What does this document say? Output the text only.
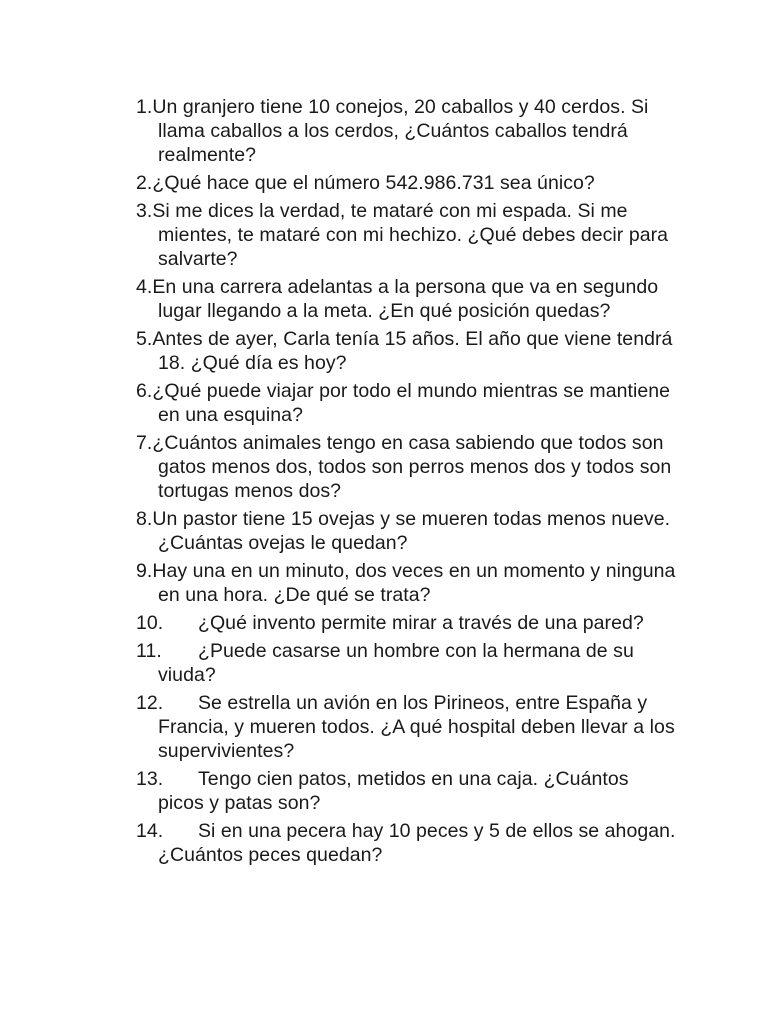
1.Un granjero tiene 10 conejos, 20 caballos y 40 cerdos. Si llama caballos a los cerdos, ¿Cuántos caballos tendrá realmente?
2.¿Qué hace que el número 542.986.731 sea único?
3.Si me dices la verdad, te mataré con mi espada. Si me mientes, te mataré con mi hechizo. ¿Qué debes decir para salvarte?
4.En una carrera adelantas a la persona que va en segundo lugar llegando a la meta. ¿En qué posición quedas?
5.Antes de ayer, Carla tenía 15 años. El año que viene tendrá 18. ¿Qué día es hoy?
6.¿Qué puede viajar por todo el mundo mientras se mantiene en una esquina?
7.¿Cuántos animales tengo en casa sabiendo que todos son gatos menos dos, todos son perros menos dos y todos son tortugas menos dos?
8.Un pastor tiene 15 ovejas y se mueren todas menos nueve. ¿Cuántas ovejas le quedan?
9.Hay una en un minuto, dos veces en un momento y ninguna en una hora. ¿De qué se trata?
10. ¿Qué invento permite mirar a través de una pared?
11. ¿Puede casarse un hombre con la hermana de su viuda?
12. Se estrella un avión en los Pirineos, entre España y Francia, y mueren todos. ¿A qué hospital deben llevar a los supervivientes?
13. Tengo cien patos, metidos en una caja. ¿Cuántos picos y patas son?
14. Si en una pecera hay 10 peces y 5 de ellos se ahogan. ¿Cuántos peces quedan?
